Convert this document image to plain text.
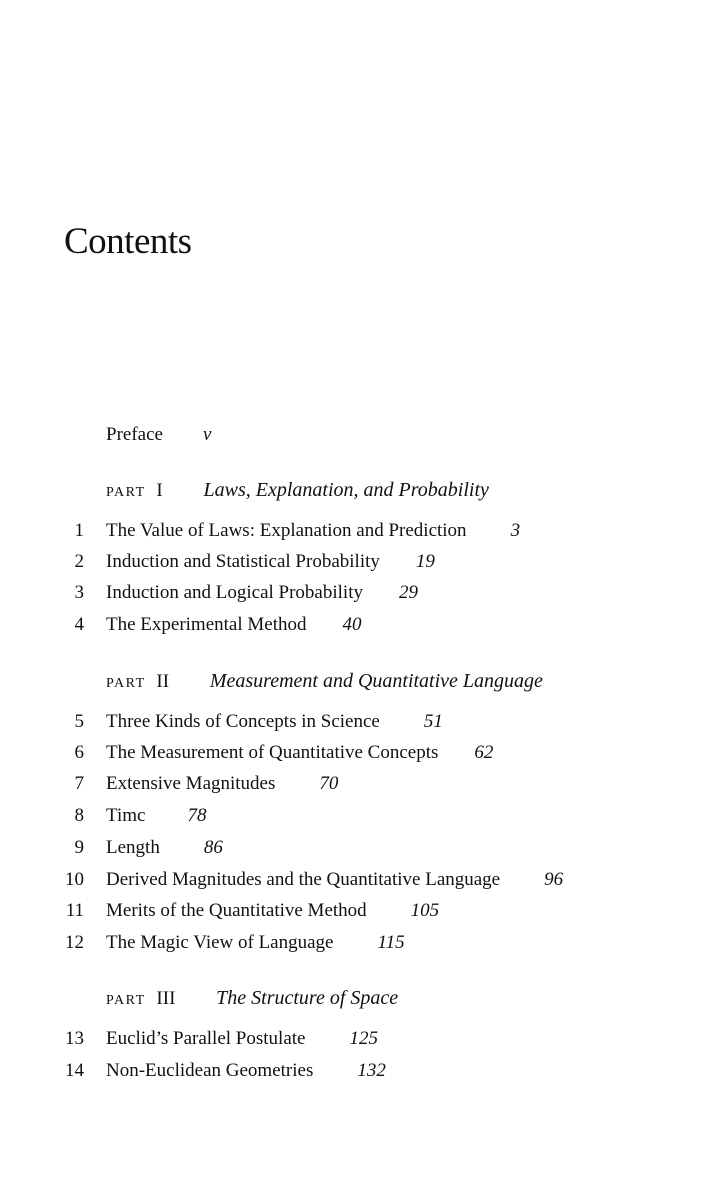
Contents
Preface v
PART I Laws, Explanation, and Probability
1 The Value of Laws: Explanation and Prediction 3
2 Induction and Statistical Probability 19
3 Induction and Logical Probability 29
4 The Experimental Method 40
PART II Measurement and Quantitative Language
5 Three Kinds of Concepts in Science 51
6 The Measurement of Quantitative Concepts 62
7 Extensive Magnitudes 70
8 Timc 78
9 Length 86
10 Derived Magnitudes and the Quantitative Language 96
11 Merits of the Quantitative Method 105
12 The Magic View of Language 115
PART III The Structure of Space
13 Euclid’s Parallel Postulate 125
14 Non-Euclidean Geometries 132
